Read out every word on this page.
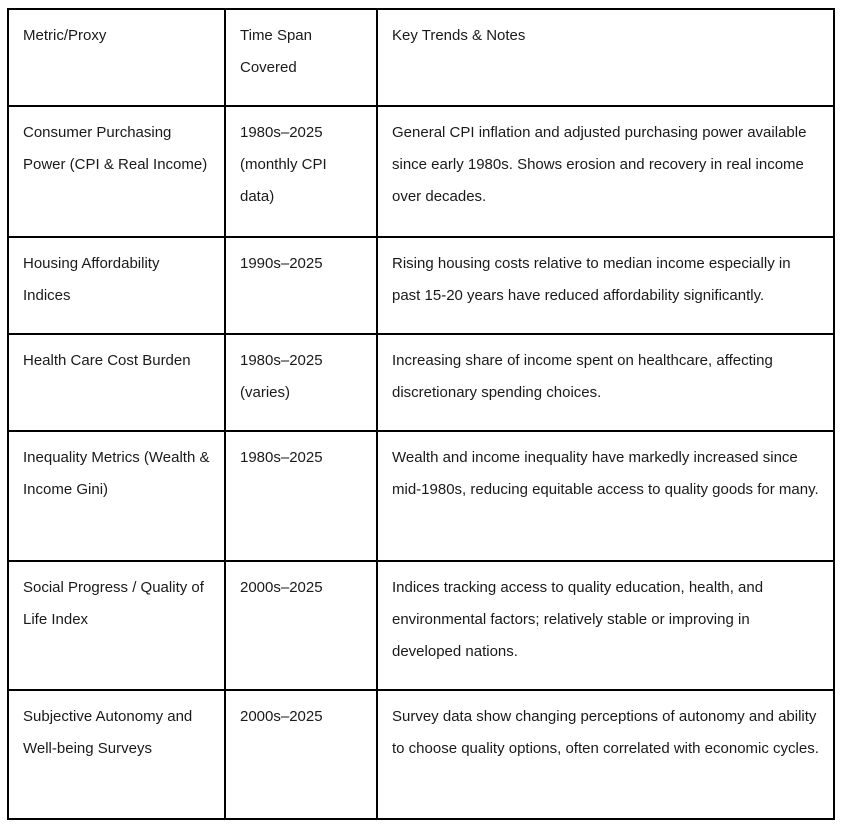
Metric/Proxy	Time Span Covered	Key Trends & Notes
Consumer Purchasing Power (CPI & Real Income)	1980s–2025 (monthly CPI data)	General CPI inflation and adjusted purchasing power available since early 1980s. Shows erosion and recovery in real income over decades.
Housing Affordability Indices	1990s–2025	Rising housing costs relative to median income especially in past 15-20 years have reduced affordability significantly.
Health Care Cost Burden	1980s–2025 (varies)	Increasing share of income spent on healthcare, affecting discretionary spending choices.
Inequality Metrics (Wealth & Income Gini)	1980s–2025	Wealth and income inequality have markedly increased since mid-1980s, reducing equitable access to quality goods for many.
Social Progress / Quality of Life Index	2000s–2025	Indices tracking access to quality education, health, and environmental factors; relatively stable or improving in developed nations.
Subjective Autonomy and Well-being Surveys	2000s–2025	Survey data show changing perceptions of autonomy and ability to choose quality options, often correlated with economic cycles.
